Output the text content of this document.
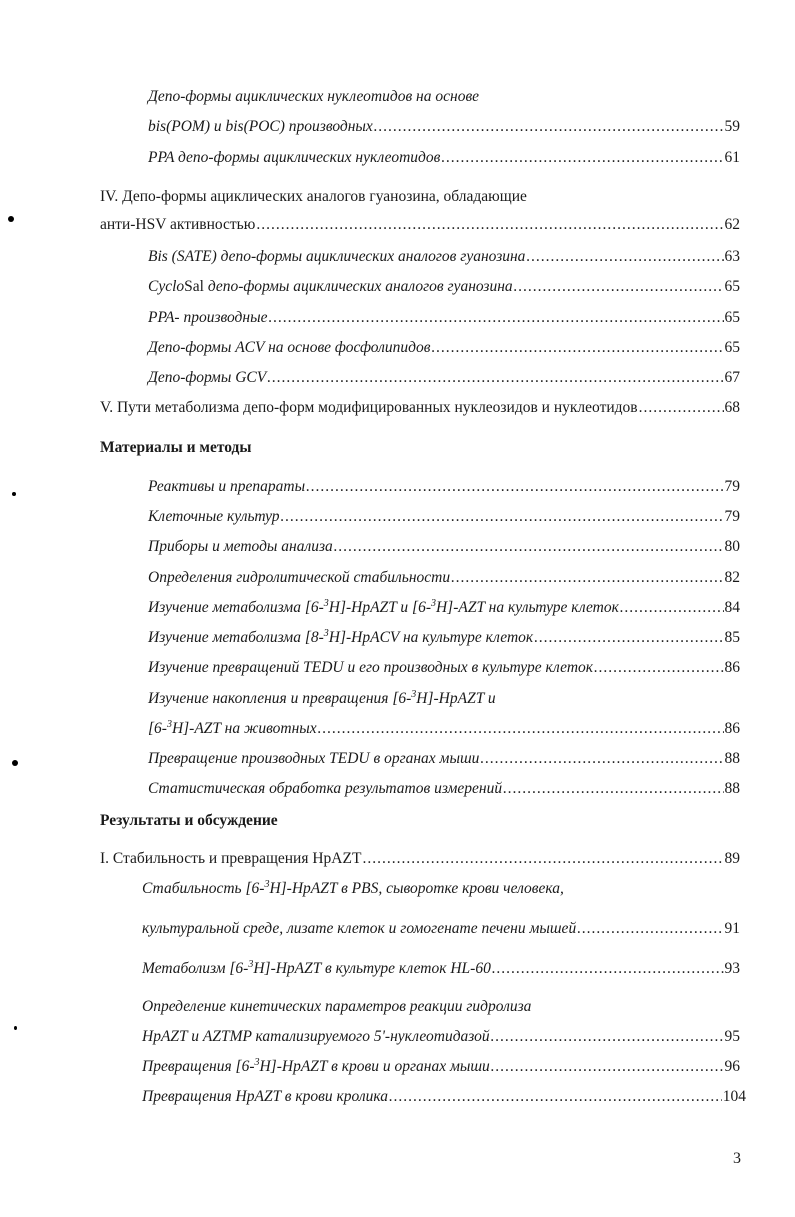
Депо-формы ациклических нуклеотидов на основе
bis(POM) и bis(POC) производных .....	59
PPA депо-формы ациклических нуклеотидов .....	61
IV. Депо-формы ациклических аналогов гуанозина, обладающие
анти-HSV активностью .....	62
Bis (SATE) депо-формы ациклических аналогов гуанозина .....	63
CycloSal депо-формы ациклических аналогов гуанозина .....	65
PPA- производные .....	65
Депо-формы ACV на основе фосфолипидов .....	65
Депо-формы GCV .....	67
V. Пути метаболизма депо-форм модифицированных нуклеозидов и нуклеотидов .....	68
Материалы и методы
Реактивы и препараты .....	79
Клеточные культур .....	79
Приборы и методы анализа .....	80
Определения гидролитической стабильности .....	82
Изучение метаболизма [6-$^3$H]-HpAZT и [6-$^3$H]-AZT на культуре клеток .....	84
Изучение метаболизма [8-$^3$H]-HpACV на культуре клеток .....	85
Изучение превращений TEDU и его производных в культуре клеток .....	86
Изучение накопления и превращения [6-$^3$H]-HpAZT и
[6-$^3$H]-AZT на животных .....	86
Превращение производных TEDU в органах мыши .....	88
Статистическая обработка результатов измерений .....	88
Результаты и обсуждение
I. Стабильность и превращения HpAZT .....	89
Стабильность [6-$^3$H]-HpAZT в PBS, сыворотке крови человека,
культуральной среде, лизате клеток и гомогенате печени мышей .....	91
Метаболизм [6-$^3$H]-HpAZT в культуре клеток HL-60 .....	93
Определение кинетических параметров реакции гидролиза
HpAZT и AZTMP катализируемого 5'-нуклеотидазой .....	95
Превращения [6-$^3$H]-HpAZT в крови и органах мыши .....	96
Превращения HpAZT в крови кролика .....	104
3
